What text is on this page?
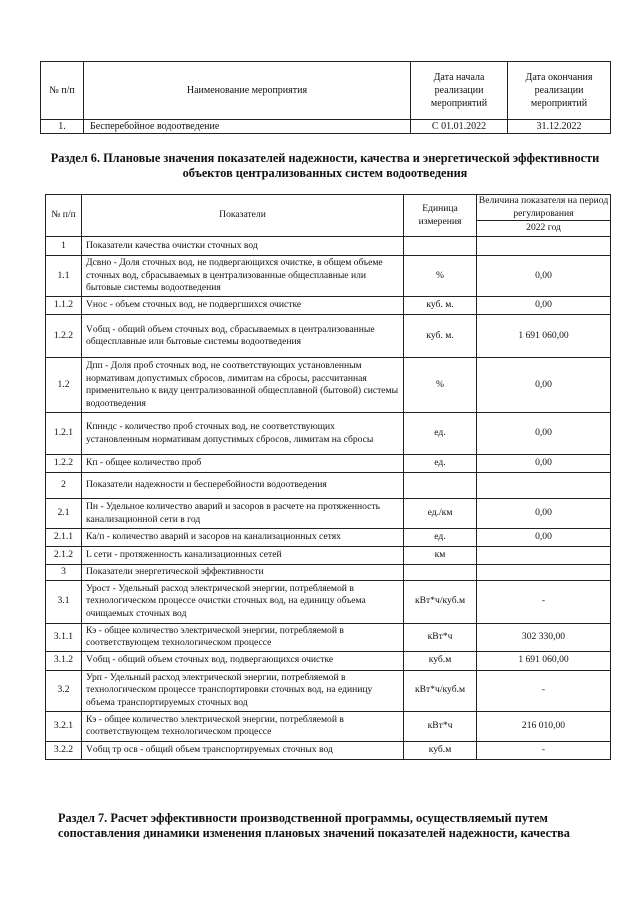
№ п/п	Наименование мероприятия	Дата начала реализации мероприятий	Дата окончания реализации мероприятий
1.	Бесперебойное водоотведение	С 01.01.2022	31.12.2022
Раздел 6. Плановые значения показателей надежности, качества и энергетической эффективности объектов централизованных систем водоотведения
№ п/п	Показатели	Единица измерения	Величина показателя на период регулирования
			2022 год
1	Показатели качества очистки сточных вод		
1.1	Дсвно - Доля сточных вод, не подвергающихся очистке, в общем объеме сточных вод, сбрасываемых в централизованные общесплавные или бытовые системы водоотведения	%	0,00
1.1.2	Vнос - объем сточных вод, не подвергшихся очистке	куб. м.	0,00
1.2.2	Vобщ - общий объем сточных вод, сбрасываемых в централизованные общесплавные или бытовые системы водоотведения	куб. м.	1 691 060,00
1.2	Дпп - Доля проб сточных вод, не соответствующих установленным нормативам допустимых сбросов, лимитам на сбросы, рассчитанная применительно к виду централизованной общесплавной (бытовой) системы водоотведения	%	0,00
1.2.1	Кпнндс - количество проб сточных вод, не соответствующих установленным нормативам допустимых сбросов, лимитам на сбросы	ед.	0,00
1.2.2	Кп - общее количество проб	ед.	0,00
2	Показатели надежности и бесперебойности водоотведения		
2.1	Пн - Удельное количество аварий и засоров в расчете на протяженность канализационной сети в год	ед./км	0,00
2.1.1	Ка/п - количество аварий и засоров на канализационных сетях	ед.	0,00
2.1.2	L сети - протяженность канализационных сетей	км	
3	Показатели энергетической эффективности		
3.1	Урост - Удельный расход электрической энергии, потребляемой в технологическом процессе очистки сточных вод, на единицу объема очищаемых сточных вод	кВт*ч/куб.м	-
3.1.1	Кэ - общее количество электрической энергии, потребляемой в соответствующем технологическом процессе	кВт*ч	302 330,00
3.1.2	Vобщ - общий объем сточных вод, подвергающихся очистке	куб.м	1 691 060,00
3.2	Урп - Удельный расход электрической энергии, потребляемой в технологическом процессе транспортировки сточных вод, на единицу объема транспортируемых сточных вод	кВт*ч/куб.м	-
3.2.1	Кэ - общее количество электрической энергии, потребляемой в соответствующем технологическом процессе	кВт*ч	216 010,00
3.2.2	Vобщ тр осв - общий объем транспортируемых сточных вод	куб.м	-
Раздел 7. Расчет эффективности производственной программы, осуществляемый путем сопоставления динамики изменения плановых значений показателей надежности, качества
